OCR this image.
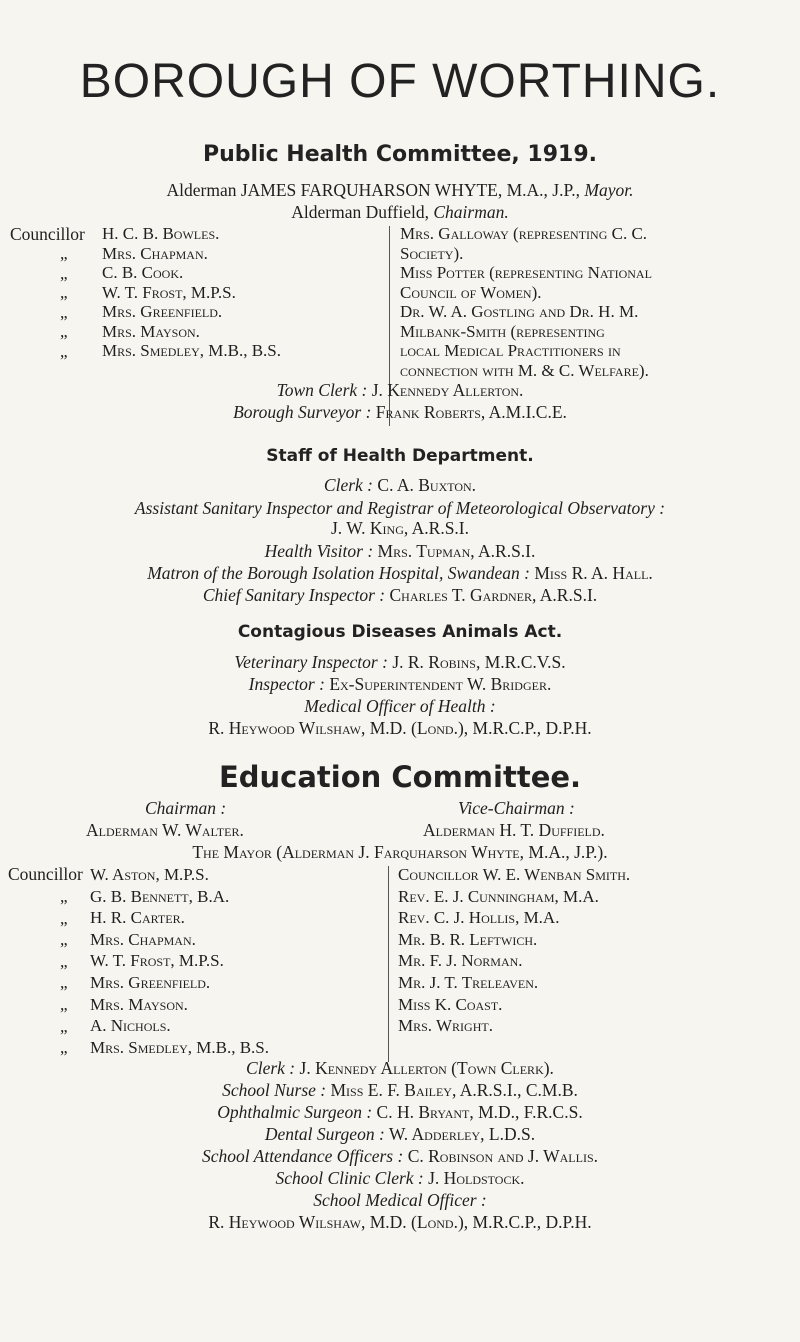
BOROUGH OF WORTHING.
Public Health Committee, 1919.
Alderman JAMES FARQUHARSON WHYTE, M.A., J.P., Mayor.
Alderman Duffield, Chairman.
Councillor
„
„
„
„
„
„
H. C. B. Bowles.
Mrs. Chapman.
C. B. Cook.
W. T. Frost, M.P.S.
Mrs. Greenfield.
Mrs. Mayson.
Mrs. Smedley, M.B., B.S.
Mrs. Galloway (representing C. C.
Society).
Miss Potter (representing National
Council of Women).
Dr. W. A. Gostling and Dr. H. M.
Milbank-Smith (representing
local Medical Practitioners in
connection with M. & C. Welfare).
Town Clerk : J. Kennedy Allerton.
Borough Surveyor : Frank Roberts, A.M.I.C.E.
Staff of Health Department.
Clerk : C. A. Buxton.
Assistant Sanitary Inspector and Registrar of Meteorological Observatory :
J. W. King, A.R.S.I.
Health Visitor : Mrs. Tupman, A.R.S.I.
Matron of the Borough Isolation Hospital, Swandean : Miss R. A. Hall.
Chief Sanitary Inspector : Charles T. Gardner, A.R.S.I.
Contagious Diseases Animals Act.
Veterinary Inspector : J. R. Robins, M.R.C.V.S.
Inspector : Ex-Superintendent W. Bridger.
Medical Officer of Health :
R. Heywood Wilshaw, M.D. (Lond.), M.R.C.P., D.P.H.
Education Committee.
Chairman :
Alderman W. Walter.
Vice-Chairman :
Alderman H. T. Duffield.
The Mayor (Alderman J. Farquharson Whyte, M.A., J.P.).
Councillor
„
„
„
„
„
„
„
„
W. Aston, M.P.S.
G. B. Bennett, B.A.
H. R. Carter.
Mrs. Chapman.
W. T. Frost, M.P.S.
Mrs. Greenfield.
Mrs. Mayson.
A. Nichols.
Mrs. Smedley, M.B., B.S.
Councillor W. E. Wenban Smith.
Rev. E. J. Cunningham, M.A.
Rev. C. J. Hollis, M.A.
Mr. B. R. Leftwich.
Mr. F. J. Norman.
Mr. J. T. Treleaven.
Miss K. Coast.
Mrs. Wright.
Clerk : J. Kennedy Allerton (Town Clerk).
School Nurse : Miss E. F. Bailey, A.R.S.I., C.M.B.
Ophthalmic Surgeon : C. H. Bryant, M.D., F.R.C.S.
Dental Surgeon : W. Adderley, L.D.S.
School Attendance Officers : C. Robinson and J. Wallis.
School Clinic Clerk : J. Holdstock.
School Medical Officer :
R. Heywood Wilshaw, M.D. (Lond.), M.R.C.P., D.P.H.
